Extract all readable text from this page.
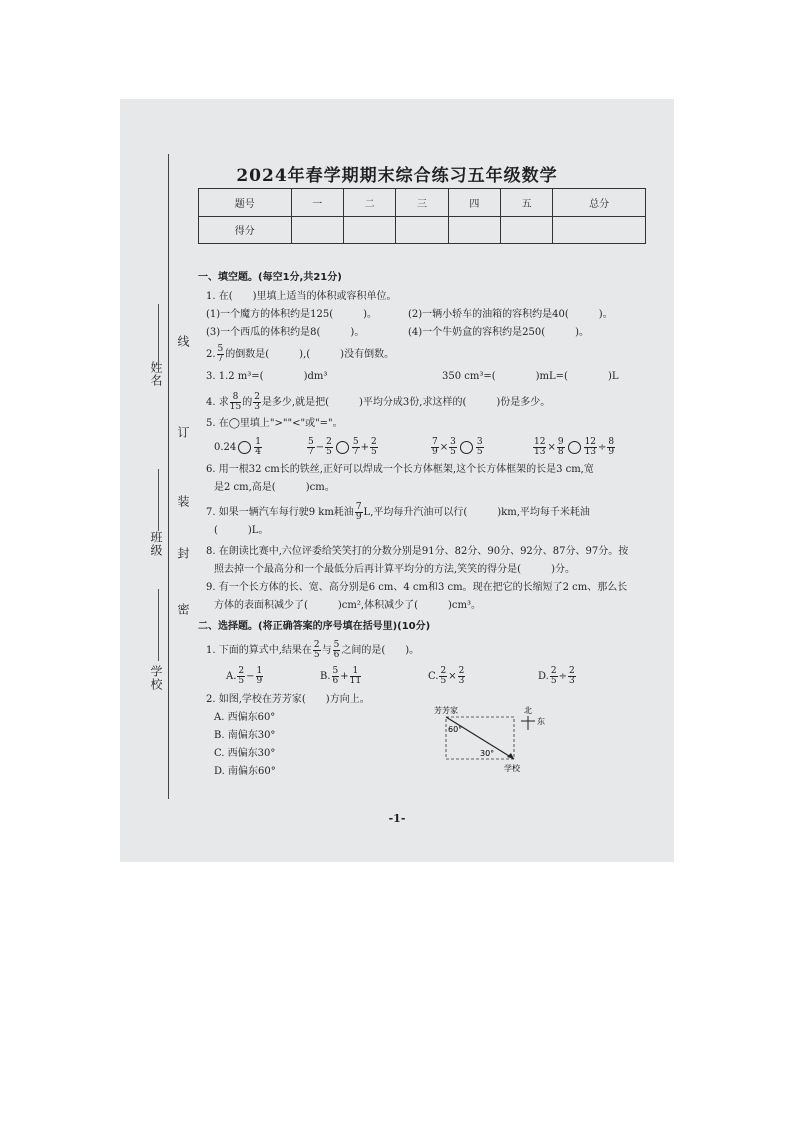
姓名
班级
学校
线
订
装
封
密
2024年春学期期末综合练习五年级数学
题号	一	二	三	四	五	总分
得分						
一、填空题。(每空1分,共21分)
1. 在(　　)里填上适当的体积或容积单位。
(1)一个魔方的体积约是125(　　　)。	(2)一辆小轿车的油箱的容积约是40(　　　)。
(3)一个西瓜的体积约是8(　　　)。	(4)一个牛奶盒的容积约是250(　　　)。
2. $\frac{5}{7}$ 的倒数是(　　　),(　　　)没有倒数。
3. 1.2 m³=(　　　　)dm³	350 cm³=(　　　　)mL=(　　　　)L
4. 求 $\frac{8}{15}$ 的 $\frac{2}{3}$ 是多少,就是把(　　　)平均分成3份,求这样的(　　　)份是多少。
5. 在◯里填上">""<"或"="。
$0.24 \frac{1}{4}$	$\frac{5}{7} - \frac{2}{5} \frac{5}{7} + \frac{2}{5}$	$\frac{7}{9} \times \frac{3}{5} \frac{3}{5}$	$\frac{12}{13} \times \frac{9}{8} \frac{12}{13} \div \frac{8}{9}$
6. 用一根32 cm长的铁丝,正好可以焊成一个长方体框架,这个长方体框架的长是3 cm,宽
是2 cm,高是(　　　)cm。
7. 如果一辆汽车每行驶9 km耗油 $\frac{7}{9} L$,平均每升汽油可以行(　　　)km,平均每千米耗油
(　　　)L。
8. 在朗读比赛中,六位评委给笑笑打的分数分别是91分、82分、90分、92分、87分、97分。按
照去掉一个最高分和一个最低分后再计算平均分的方法,笑笑的得分是(　　　)分。
9. 有一个长方体的长、宽、高分别是6 cm、4 cm和3 cm。现在把它的长缩短了2 cm、那么长
方体的表面积减少了(　　　)cm²,体积减少了(　　　)cm³。
二、选择题。(将正确答案的序号填在括号里)(10分)
1. 下面的算式中,结果在 $\frac{2}{5}$ 与 $\frac{5}{6}$ 之间的是(　　)。
A. $\frac{2}{5} - \frac{1}{9}$	B. $\frac{5}{6} + \frac{1}{11}$	C. $\frac{2}{5} \times \frac{2}{3}$	D. $\frac{2}{5} \div \frac{2}{3}$
2. 如图,学校在芳芳家(　　)方向上。
A. 西偏东60°
B. 南偏东30°
C. 西偏东30°
D. 南偏东60°
芳芳家
60°
30°
学校
北
东
-1-
